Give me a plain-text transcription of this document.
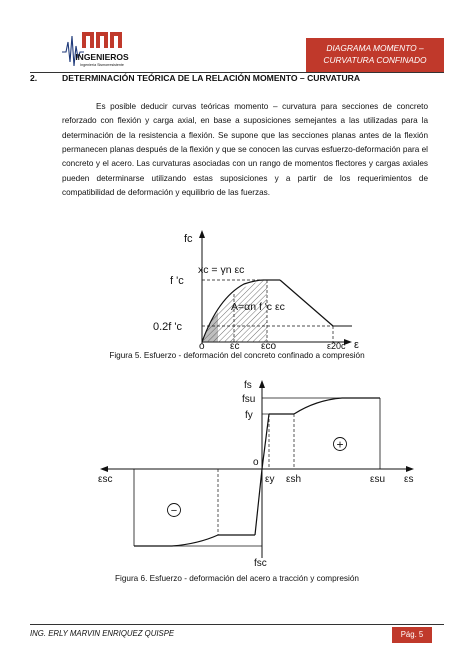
INGENIEROS
Ingeniería Sismorresistente
DIAGRAMA MOMENTO –
CURVATURA CONFINADO
2.	DETERMINACIÓN TEÓRICA DE LA RELACIÓN MOMENTO – CURVATURA

Es posible deducir curvas teóricas momento – curvatura para secciones de concreto reforzado con flexión y carga axial, en base a suposiciones semejantes a las utilizadas para la determinación de la resistencia a flexión. Se supone que las secciones planas antes de la flexión permanecen planas después de la flexión y que se conocen las curvas esfuerzo-deformación para el concreto y el acero. Las curvaturas asociadas con un rango de momentos flectores y cargas axiales pueden determinarse utilizando estas suposiciones y a partir de los requerimientos de compatibilidad de deformación y equilibrio de las fuerzas.

fc
f 'c
xc = γn εc
A=αn f 'c εc
0.2f 'c
o	εc εco	ε20c ε
Figura 5. Esfuerzo - deformación del concreto confinado a compresión
+
−
fs
fsu
fy
o
εy εsh	εsu εs
εsc
fsc
Figura 6. Esfuerzo - deformación del acero a tracción y compresión
ING. ERLY MARVIN ENRIQUEZ QUISPE	Pág. 5
